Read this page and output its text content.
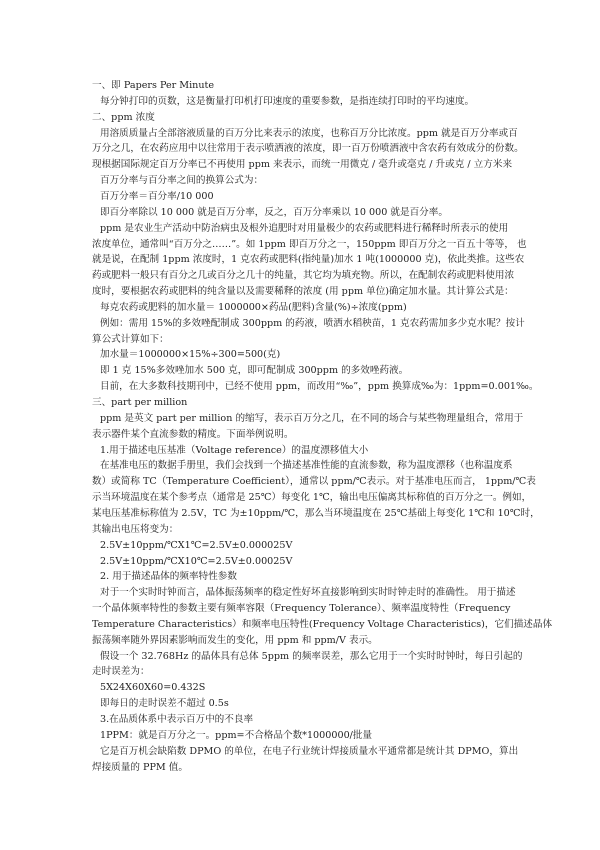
一、即 Papers Per Minute
每分钟打印的页数，这是衡量打印机打印速度的重要参数，是指连续打印时的平均速度。
二、ppm 浓度
用溶质质量占全部溶液质量的百万分比来表示的浓度，也称百万分比浓度。ppm 就是百万分率或百
万分之几，在农药应用中以往常用于表示喷洒液的浓度，即一百万份喷洒液中含农药有效成分的份数。
现根据国际规定百万分率已不再使用 ppm 来表示，而统一用微克 / 毫升或毫克 / 升或克 / 立方米来
百万分率与百分率之间的换算公式为：
百万分率＝百分率/10 000
即百分率除以 10 000 就是百万分率，反之，百万分率乘以 10 000 就是百分率。
ppm 是农业生产活动中防治病虫及根外追肥时对用量极少的农药或肥料进行稀释时所表示的使用
浓度单位，通常叫“百万分之……”。如 1ppm 即百万分之一，150ppm 即百万分之一百五十等等， 也
就是说，在配制 1ppm 浓度时，1 克农药或肥料(指纯量)加水 1 吨(1000000 克)，依此类推。这些农
药或肥料一般只有百分之几或百分之几十的纯量，其它均为填充物。所以，在配制农药或肥料使用浓
度时，要根据农药或肥料的纯含量以及需要稀释的浓度 (用 ppm 单位)确定加水量。其计算公式是：
每克农药或肥料的加水量＝ 1000000×药品(肥料)含量(%)÷浓度(ppm)
例如：需用 15%的多效唑配制成 300ppm 的药液，喷洒水稻秧苗，1 克农药需加多少克水呢？按计
算公式计算如下：
加水量＝1000000×15%÷300=500(克)
即 1 克 15%多效唑加水 500 克，即可配制成 300ppm 的多效唑药液。
目前，在大多数科技期刊中，已经不使用 ppm，而改用“‰”，ppm 换算成‰为：1ppm=0.001‰。
三、part per million
ppm 是英文 part per million 的缩写，表示百万分之几，在不同的场合与某些物理量组合，常用于
表示器件某个直流参数的精度。下面举例说明。
1.用于描述电压基准（Voltage reference）的温度漂移值大小
在基准电压的数据手册里，我们会找到一个描述基准性能的直流参数，称为温度漂移（也称温度系
数）或简称 TC（Temperature Coefficient），通常以 ppm/℃表示。对于基准电压而言， 1ppm/℃表
示当环境温度在某个参考点（通常是 25℃）每变化 1℃，输出电压偏离其标称值的百万分之一。例如，
某电压基准标称值为 2.5V，TC 为±10ppm/℃，那么当环境温度在 25℃基础上每变化 1℃和 10℃时，
其输出电压将变为：
2.5V±10ppm/℃X1℃=2.5V±0.000025V
2.5V±10ppm/℃X10℃=2.5V±0.00025V
2. 用于描述晶体的频率特性参数
对于一个实时时钟而言，晶体振荡频率的稳定性好坏直接影响到实时时钟走时的准确性。 用于描述
一个晶体频率特性的参数主要有频率容限（Frequency Tolerance）、频率温度特性（Frequency
Temperature Characteristics）和频率电压特性(Frequency Voltage Characteristics)，它们描述晶体
振荡频率随外界因素影响而发生的变化，用 ppm 和 ppm/V 表示。
假设一个 32.768Hz 的晶体具有总体 5ppm 的频率误差，那么它用于一个实时时钟时，每日引起的
走时误差为：
5X24X60X60=0.432S
即每日的走时误差不超过 0.5s
3.在品质体系中表示百万中的不良率
1PPM：就是百万分之一。ppm=不合格品个数*1000000/批量
它是百万机会缺陷数 DPMO 的单位，在电子行业统计焊接质量水平通常都是统计其 DPMO，算出
焊接质量的 PPM 值。
